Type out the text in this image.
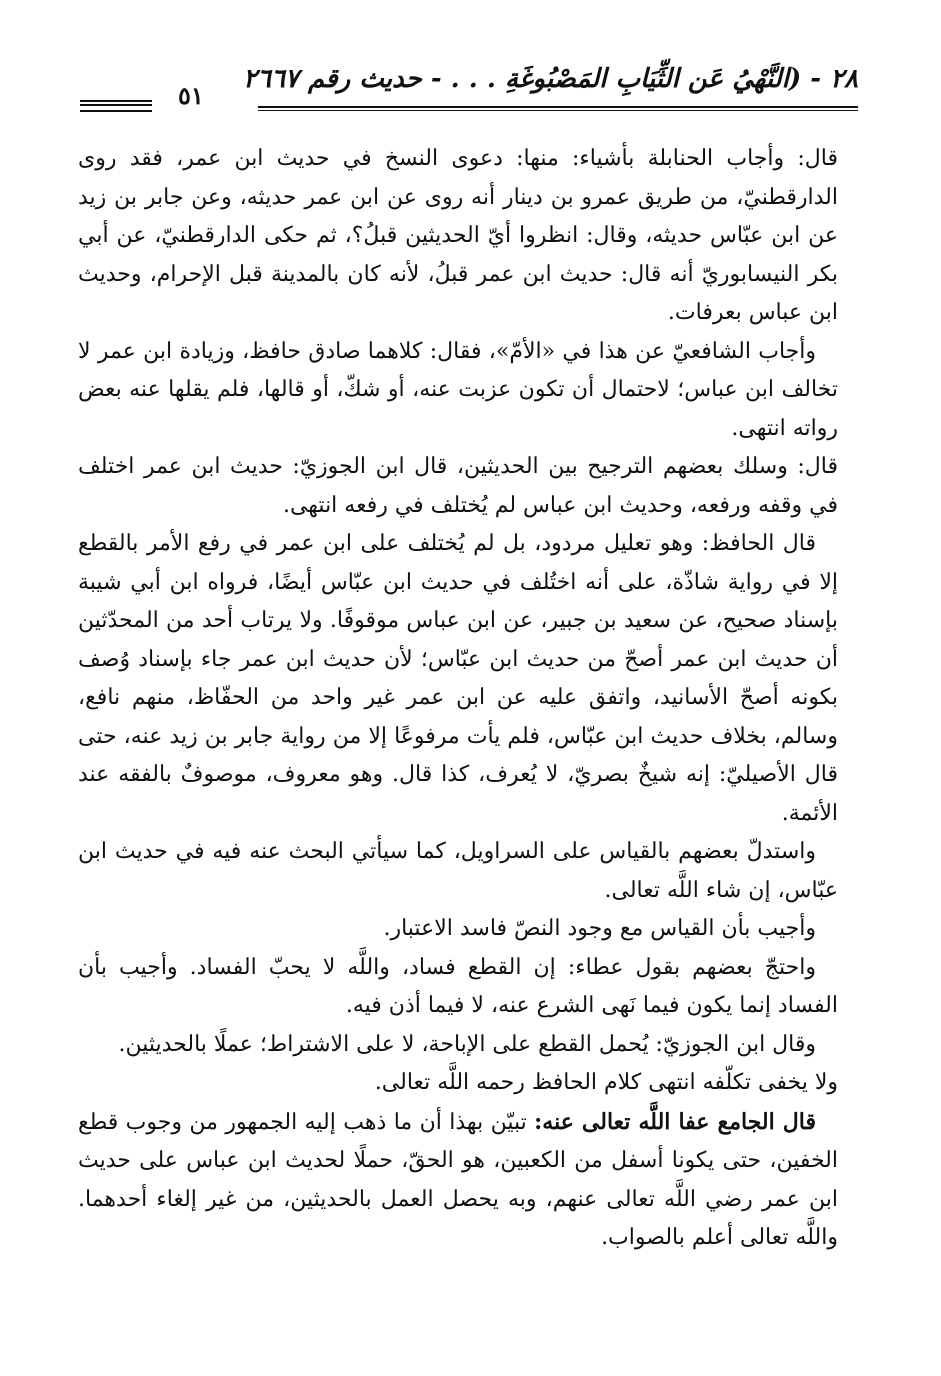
٢٨ - (النَّهْيُ عَن الثِّيَابِ المَصْبُوغَةِ . . . - حديث رقم ٢٦٦٧
٥١

قال: وأجاب الحنابلة بأشياء: منها: دعوى النسخ في حديث ابن عمر، فقد روى الدارقطنيّ، من طريق عمرو بن دينار أنه روى عن ابن عمر حديثه، وعن جابر بن زيد عن ابن عبّاس حديثه، وقال: انظروا أيّ الحديثين قبلُ؟، ثم حكى الدارقطنيّ، عن أبي بكر النيسابوريّ أنه قال: حديث ابن عمر قبلُ، لأنه كان بالمدينة قبل الإحرام، وحديث ابن عباس بعرفات.

وأجاب الشافعيّ عن هذا في «الأمّ»، فقال: كلاهما صادق حافظ، وزيادة ابن عمر لا تخالف ابن عباس؛ لاحتمال أن تكون عزبت عنه، أو شكّ، أو قالها، فلم يقلها عنه بعض رواته انتهى.

قال: وسلك بعضهم الترجيح بين الحديثين، قال ابن الجوزيّ: حديث ابن عمر اختلف في وقفه ورفعه، وحديث ابن عباس لم يُختلف في رفعه انتهى.

قال الحافظ: وهو تعليل مردود، بل لم يُختلف على ابن عمر في رفع الأمر بالقطع إلا في رواية شاذّة، على أنه اختُلف في حديث ابن عبّاس أيضًا، فرواه ابن أبي شيبة بإسناد صحيح، عن سعيد بن جبير، عن ابن عباس موقوفًا. ولا يرتاب أحد من المحدّثين أن حديث ابن عمر أصحّ من حديث ابن عبّاس؛ لأن حديث ابن عمر جاء بإسناد وُصف بكونه أصحّ الأسانيد، واتفق عليه عن ابن عمر غير واحد من الحفّاظ، منهم نافع، وسالم، بخلاف حديث ابن عبّاس، فلم يأت مرفوعًا إلا من رواية جابر بن زيد عنه، حتى قال الأصيليّ: إنه شيخٌ بصريّ، لا يُعرف، كذا قال. وهو معروف، موصوفٌ بالفقه عند الأئمة.

واستدلّ بعضهم بالقياس على السراويل، كما سيأتي البحث عنه فيه في حديث ابن عبّاس، إن شاء اللَّه تعالى.

وأجيب بأن القياس مع وجود النصّ فاسد الاعتبار.

واحتجّ بعضهم بقول عطاء: إن القطع فساد، واللَّه لا يحبّ الفساد. وأجيب بأن الفساد إنما يكون فيما نَهى الشرع عنه، لا فيما أذن فيه.

وقال ابن الجوزيّ: يُحمل القطع على الإباحة، لا على الاشتراط؛ عملًا بالحديثين.

ولا يخفى تكلّفه انتهى كلام الحافظ رحمه اللَّه تعالى.

قال الجامع عفا اللَّه تعالى عنه: تبيّن بهذا أن ما ذهب إليه الجمهور من وجوب قطع الخفين، حتى يكونا أسفل من الكعبين، هو الحقّ، حملًا لحديث ابن عباس على حديث ابن عمر رضي اللَّه تعالى عنهم، وبه يحصل العمل بالحديثين، من غير إلغاء أحدهما. واللَّه تعالى أعلم بالصواب.
